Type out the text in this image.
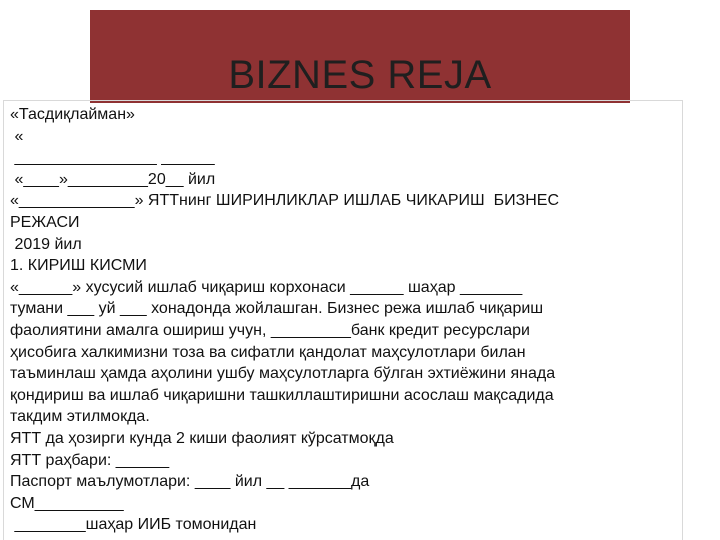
BIZNES REJA
«Тасдиқлайман»
«
________________ ______
«____»_________20__ йил
«_____________» ЯТТнинг ШИРИНЛИКЛАР ИШЛАБ ЧИКАРИШ  БИЗНЕС
РЕЖАСИ
2019 йил
1. КИРИШ КИСМИ
«______» хусусий ишлаб чиқариш корхонаси ______ шаҳар _______
тумани ___ уй ___ хонадонда жойлашган. Бизнес режа ишлаб чиқариш
фаолиятини амалга ошириш учун, _________банк кредит ресурслари
ҳисобига халкимизни тоза ва сифатли қандолат маҳсулотлари билан
таъминлаш ҳамда аҳолини ушбу маҳсулотларга бўлган эхтиёжини янада
қондириш ва ишлаб чиқаришни ташкиллаштиришни асослаш мақсадида
такдим этилмокда.
ЯТТ да ҳозирги кунда 2 киши фаолият кўрсатмоқда
ЯТТ раҳбари: ______
Паспорт маълумотлари: ____ йил __ _______да
СМ__________
________шаҳар ИИБ томонидан
